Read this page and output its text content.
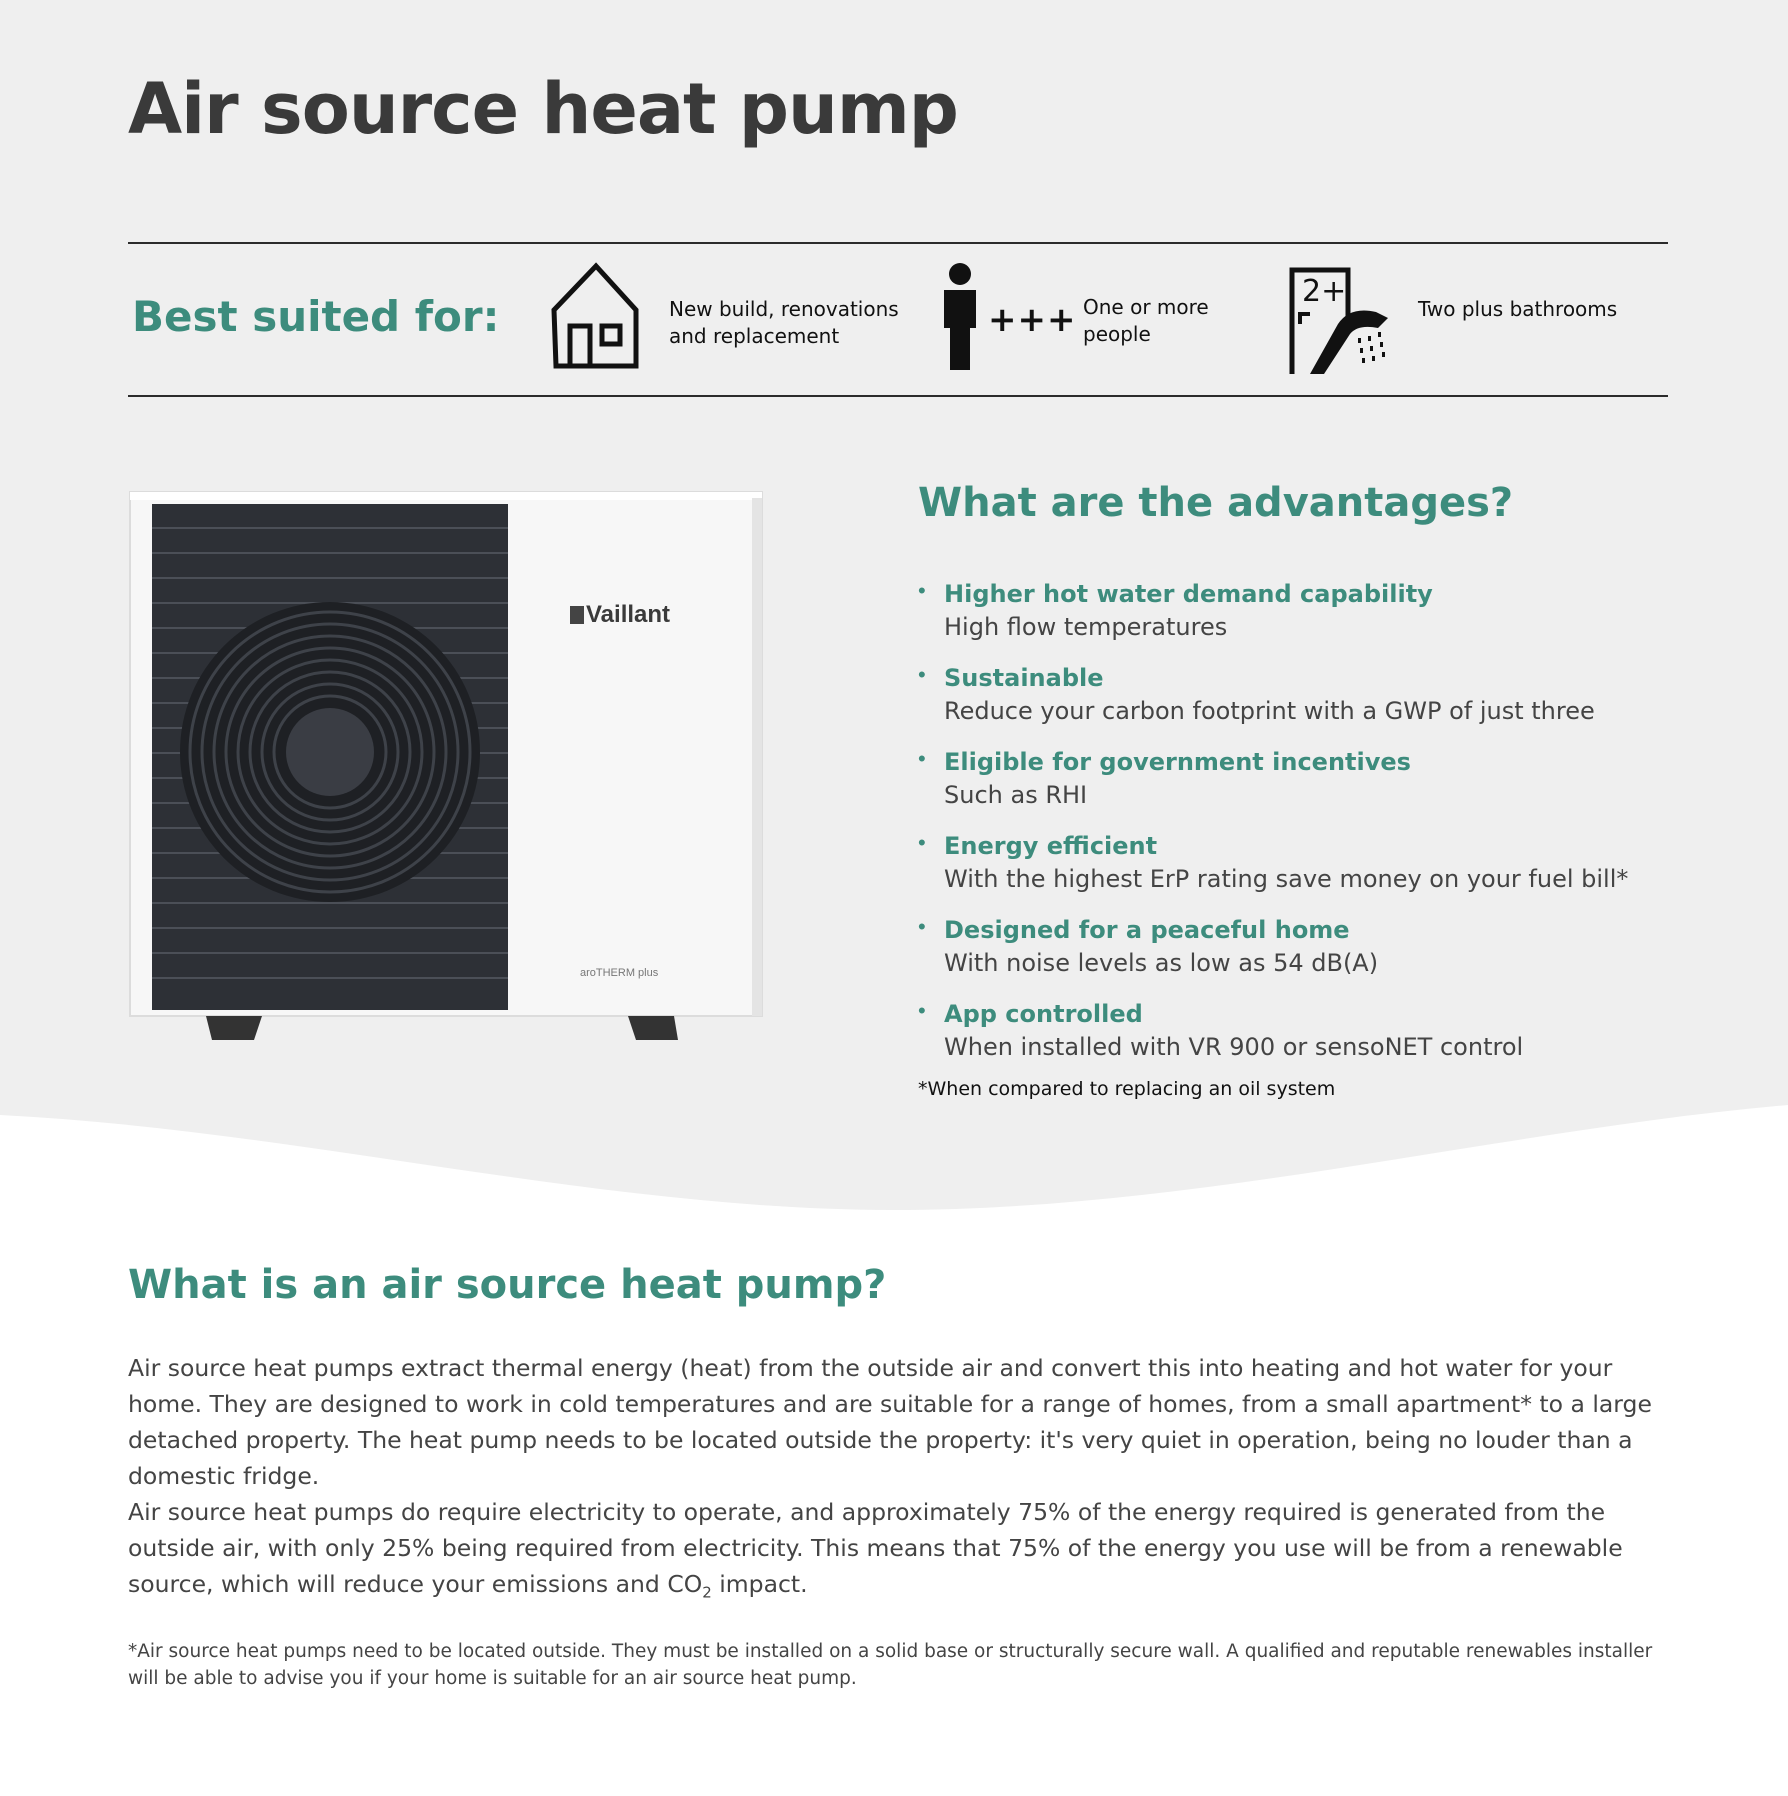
Air source heat pump
Best suited for:	New build, renovations
and replacement	+++ One or more
people
2+	Two plus bathrooms
Vaillant
aroTHERM plus
What are the advantages?
• Higher hot water demand capability
High flow temperatures
• Sustainable
Reduce your carbon footprint with a GWP of just three
• Eligible for government incentives
Such as RHI
• Energy efficient
With the highest ErP rating save money on your fuel bill*
• Designed for a peaceful home
With noise levels as low as 54 dB(A)
• App controlled
When installed with VR 900 or sensoNET control
*When compared to replacing an oil system
What is an air source heat pump?

Air source heat pumps extract thermal energy (heat) from the outside air and convert this into heating and hot water for your home. They are designed to work in cold temperatures and are suitable for a range of homes, from a small apartment* to a large detached property. The heat pump needs to be located outside the property: it's very quiet in operation, being no louder than a domestic fridge.

Air source heat pumps do require electricity to operate, and approximately 75% of the energy required is generated from the outside air, with only 25% being required from electricity. This means that 75% of the energy you use will be from a renewable source, which will reduce your emissions and $CO_2$ impact.

*Air source heat pumps need to be located outside. They must be installed on a solid base or structurally secure wall. A qualified and reputable renewables installer will be able to advise you if your home is suitable for an air source heat pump.
